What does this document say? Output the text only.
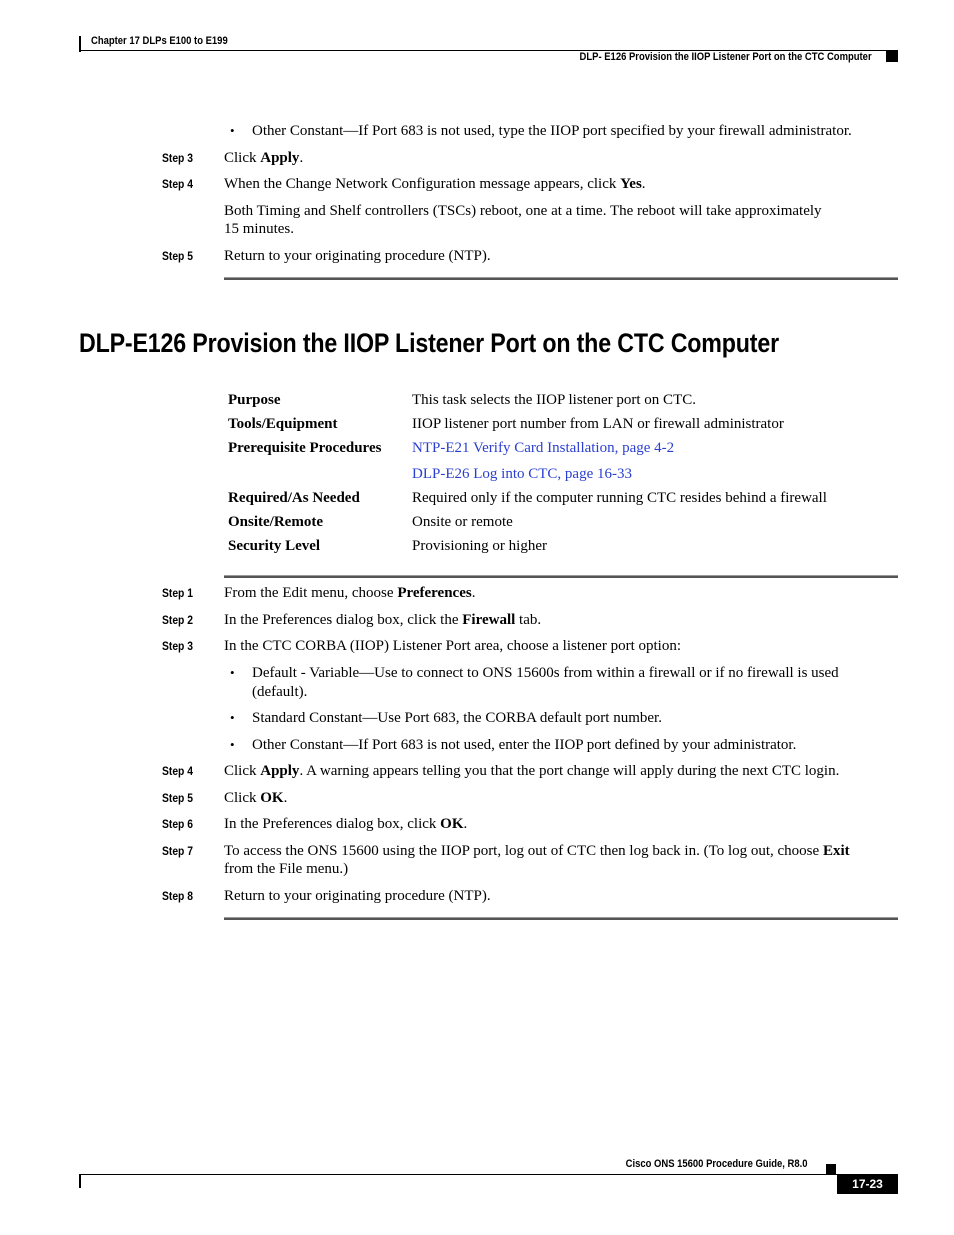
Chapter 17 DLPs E100 to E199
DLP- E126 Provision the IIOP Listener Port on the CTC Computer
• Other Constant—If Port 683 is not used, type the IIOP port specified by your firewall administrator.
Step 3 Click Apply.
Step 4 When the Change Network Configuration message appears, click Yes.
Both Timing and Shelf controllers (TSCs) reboot, one at a time. The reboot will take approximately
15 minutes.
Step 5 Return to your originating procedure (NTP).
DLP-E126 Provision the IIOP Listener Port on the CTC Computer
Purpose	This task selects the IIOP listener port on CTC.
Tools/Equipment	IIOP listener port number from LAN or firewall administrator
Prerequisite Procedures NTP-E21 Verify Card Installation, page 4-2
DLP-E26 Log into CTC, page 16-33
Required/As Needed	Required only if the computer running CTC resides behind a firewall
Onsite/Remote	Onsite or remote
Security Level	Provisioning or higher
Step 1 From the Edit menu, choose Preferences.
Step 2 In the Preferences dialog box, click the Firewall tab.
Step 3 In the CTC CORBA (IIOP) Listener Port area, choose a listener port option:
• Default - Variable—Use to connect to ONS 15600s from within a firewall or if no firewall is used
(default).
• Standard Constant—Use Port 683, the CORBA default port number.
• Other Constant—If Port 683 is not used, enter the IIOP port defined by your administrator.
Step 4 Click Apply. A warning appears telling you that the port change will apply during the next CTC login.
Step 5 Click OK.
Step 6 In the Preferences dialog box, click OK.
Step 7 To access the ONS 15600 using the IIOP port, log out of CTC then log back in. (To log out, choose Exit
from the File menu.)
Step 8 Return to your originating procedure (NTP).
Cisco ONS 15600 Procedure Guide, R8.0
17-23
